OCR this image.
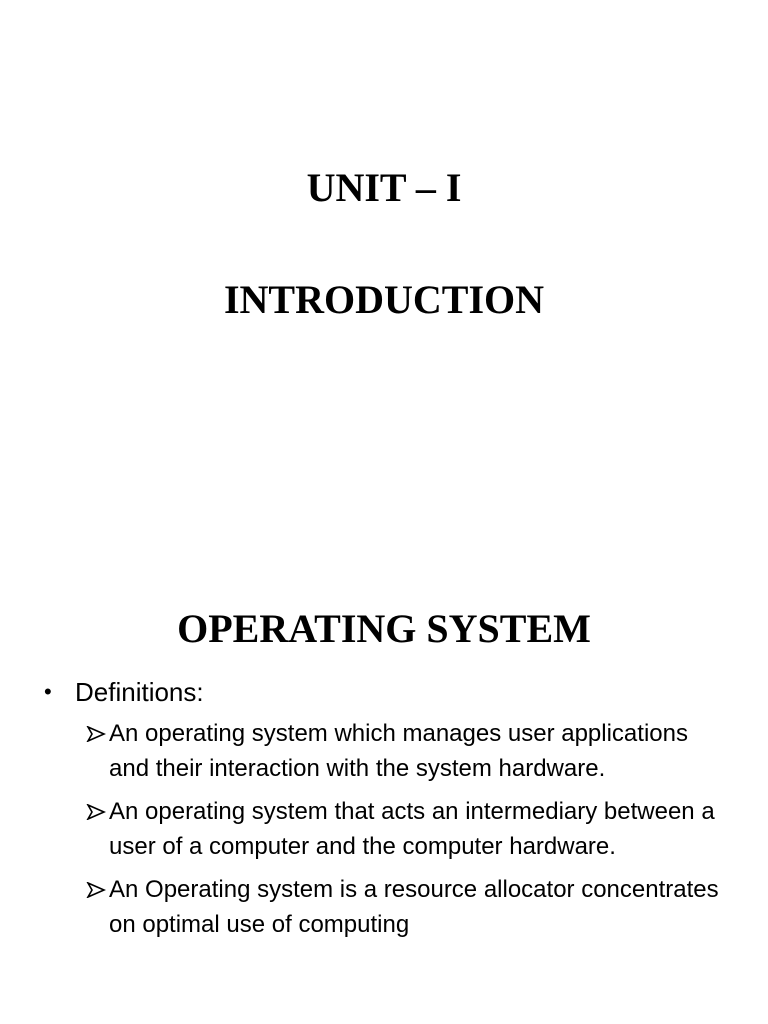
UNIT – I
INTRODUCTION
OPERATING SYSTEM
• Definitions:
An operating system which manages user applications and their interaction with the system hardware.
An operating system that acts an intermediary between a user of a computer and the computer hardware.
An Operating system is a resource allocator concentrates on optimal use of computing
